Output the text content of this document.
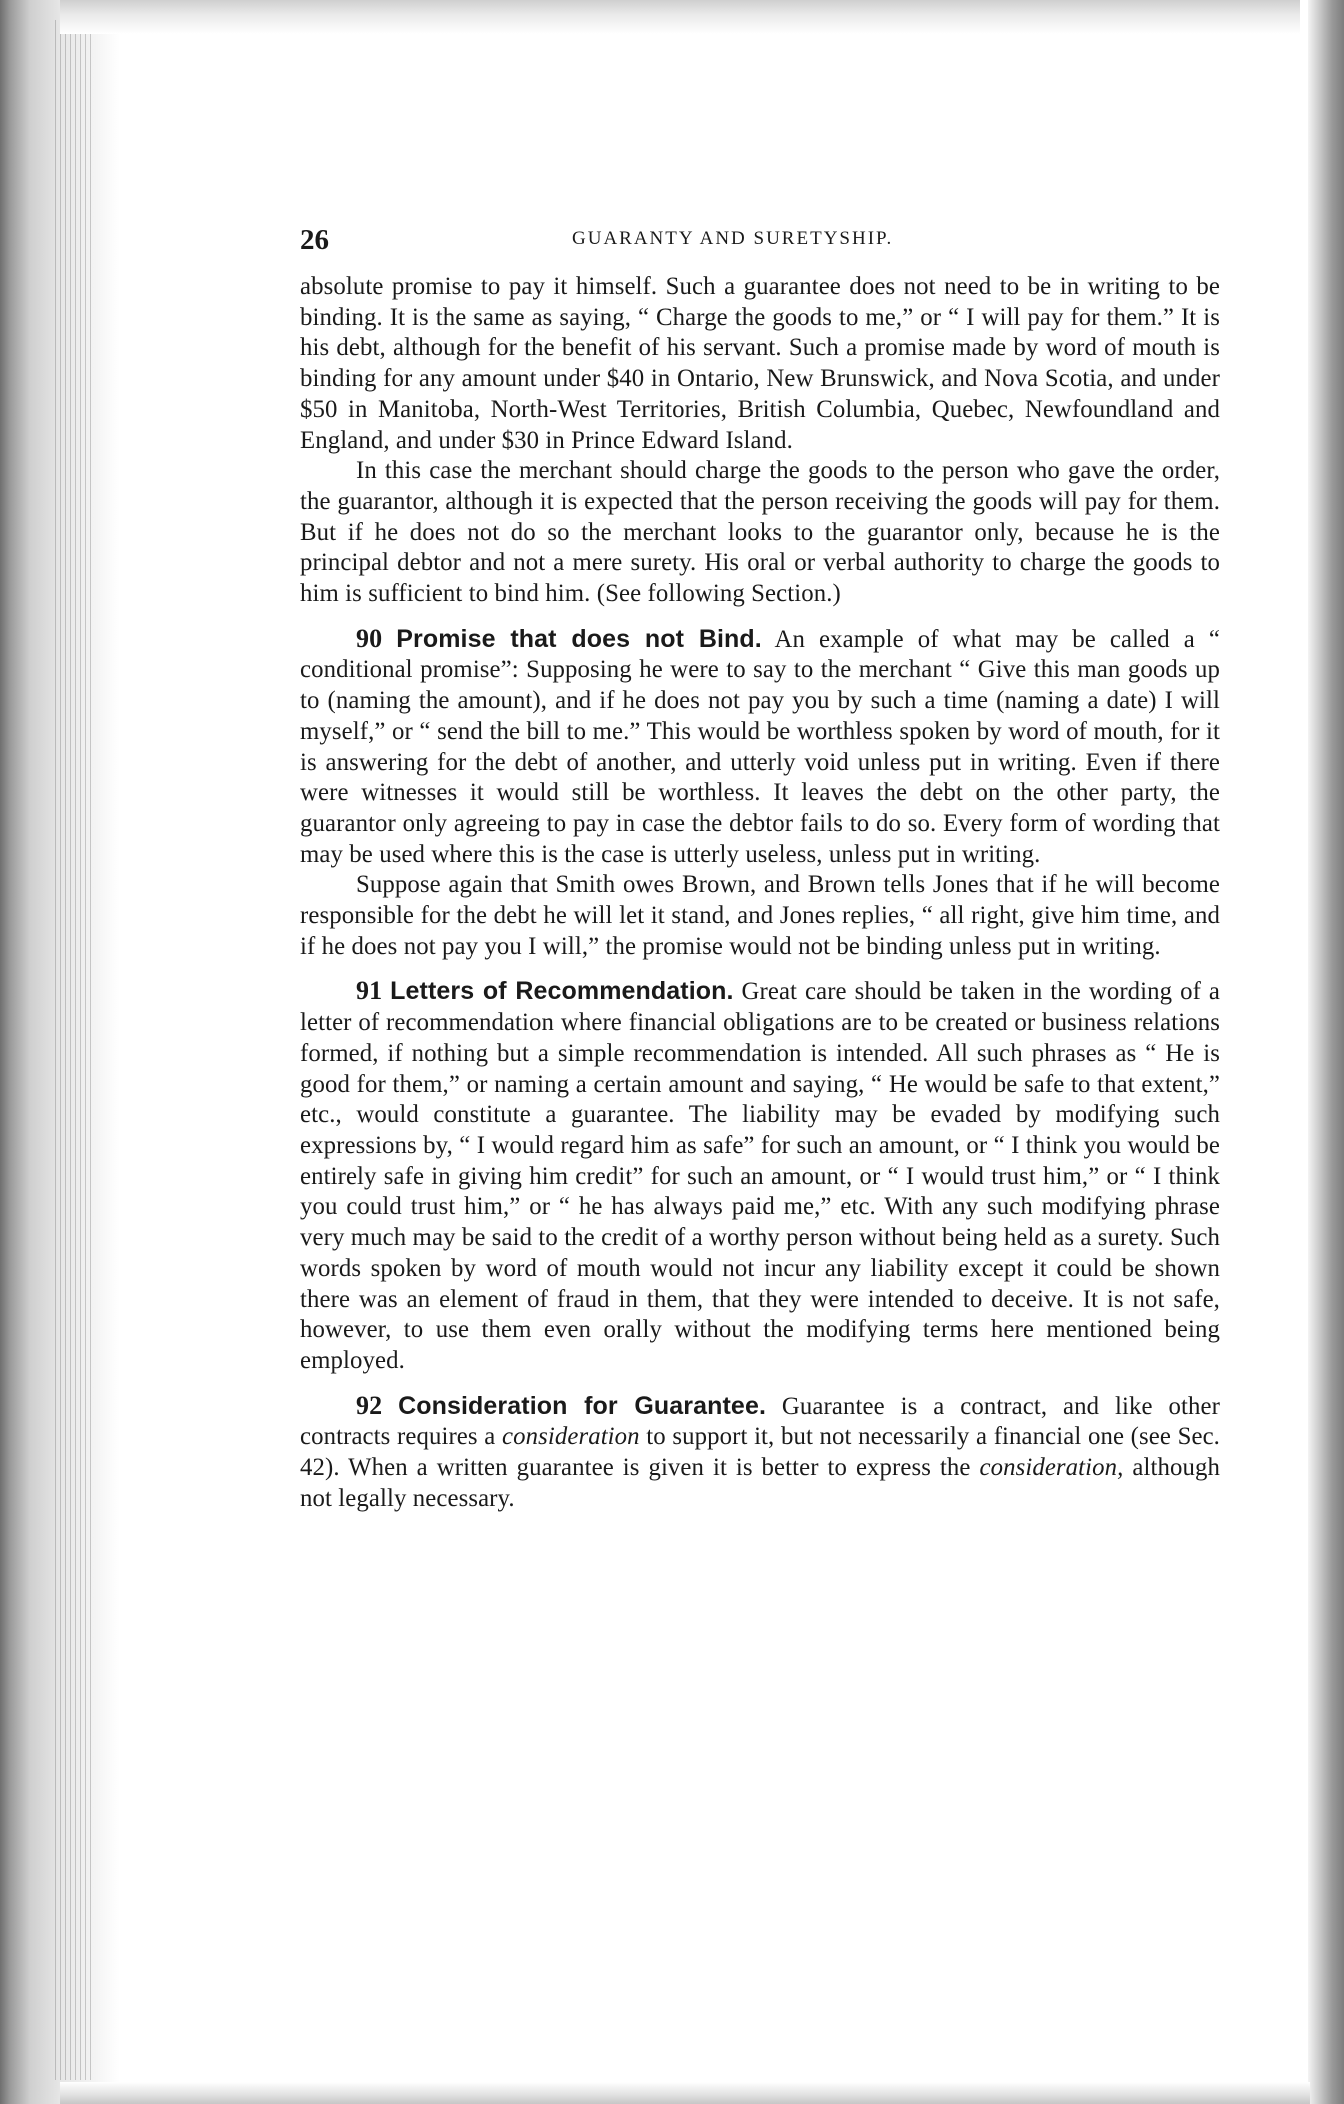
26	GUARANTY AND SURETYSHIP.

absolute promise to pay it himself. Such a guarantee does not need to be in writing to be binding. It is the same as saying, “ Charge the goods to me,” or “ I will pay for them.” It is his debt, although for the benefit of his servant. Such a promise made by word of mouth is binding for any amount under $40 in Ontario, New Brunswick, and Nova Scotia, and under $50 in Manitoba, North-West Territories, British Columbia, Quebec, Newfoundland and England, and under $30 in Prince Edward Island.

In this case the merchant should charge the goods to the person who gave the order, the guarantor, although it is expected that the person receiving the goods will pay for them. But if he does not do so the merchant looks to the guarantor only, because he is the principal debtor and not a mere surety. His oral or verbal authority to charge the goods to him is sufficient to bind him. (See following Section.)

90 Promise that does not Bind. An example of what may be called a “ conditional promise”: Supposing he were to say to the merchant “ Give this man goods up to (naming the amount), and if he does not pay you by such a time (naming a date) I will myself,” or “ send the bill to me.” This would be worthless spoken by word of mouth, for it is answering for the debt of another, and utterly void unless put in writing. Even if there were witnesses it would still be worthless. It leaves the debt on the other party, the guarantor only agreeing to pay in case the debtor fails to do so. Every form of wording that may be used where this is the case is utterly useless, unless put in writing.

Suppose again that Smith owes Brown, and Brown tells Jones that if he will become responsible for the debt he will let it stand, and Jones replies, “ all right, give him time, and if he does not pay you I will,” the promise would not be binding unless put in writing.

91 Letters of Recommendation. Great care should be taken in the wording of a letter of recommendation where financial obligations are to be created or business relations formed, if nothing but a simple recommendation is intended. All such phrases as “ He is good for them,” or naming a certain amount and saying, “ He would be safe to that extent,” etc., would constitute a guarantee. The liability may be evaded by modifying such expressions by, “ I would regard him as safe” for such an amount, or “ I think you would be entirely safe in giving him credit” for such an amount, or “ I would trust him,” or “ I think you could trust him,” or “ he has always paid me,” etc. With any such modifying phrase very much may be said to the credit of a worthy person without being held as a surety. Such words spoken by word of mouth would not incur any liability except it could be shown there was an element of fraud in them, that they were intended to deceive. It is not safe, however, to use them even orally without the modifying terms here mentioned being employed.

92 Consideration for Guarantee. Guarantee is a contract, and like other contracts requires a consideration to support it, but not necessarily a financial one (see Sec. 42). When a written guarantee is given it is better to express the consideration, although not legally necessary.
